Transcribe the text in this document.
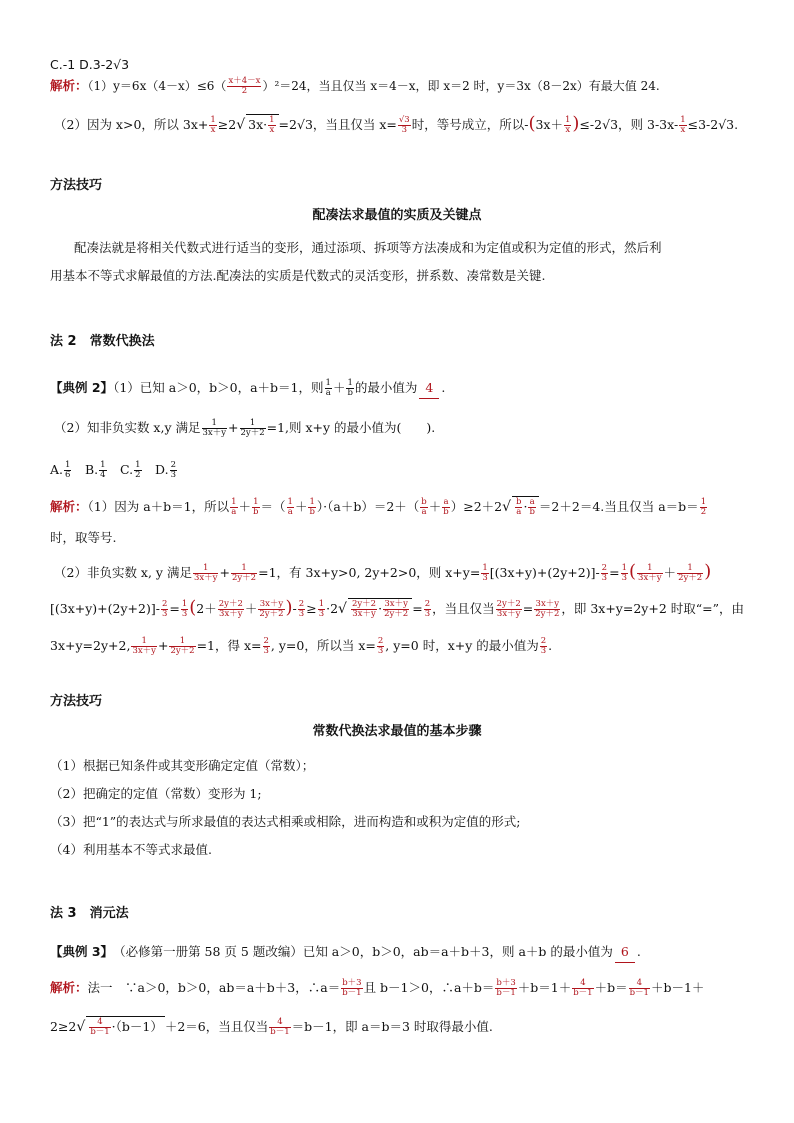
C.-1 D.3-2√3
解析：$(1)y=6x(4-x)\le 6( \frac{x+4-x}{2} )^2=24$，当且仅当 x＝4－x，即 x＝2 时，y＝3x（8－2x）有最大值 24.
（2）因为 x>0，所以 $3x+ \frac{1}{x} \ge 2√$ $3x\cdot \frac{1}{x} =2√3$，当且仅当 $x= \frac{√3}{3}$ 时，等号成立，所以$-(3x+ \frac{1}{x} )\le-2√3$，则 $3-3x- \frac{1}{x} \le 3-2√3$.
方法技巧
配凑法求最值的实质及关键点
配凑法就是将相关代数式进行适当的变形，通过添项、拆项等方法凑成和为定值或积为定值的形式，然后利
用基本不等式求解最值的方法.配凑法的实质是代数式的灵活变形，拼系数、凑常数是关键.
法 2　常数代换法
【典例 2】（1）已知 a＞0，b＞0，a＋b＝1，则 $\frac{1}{a} + \frac{1}{b}$ 的最小值为 4 .
（2）知非负实数 x,y 满足 $\frac{1}{3x+y} + \frac{1}{2y+2} =1$,则 x+y 的最小值为(　　).
A. $\frac{1}{6}$ 　B. $\frac{1}{4}$ 　C. $\frac{1}{2}$ 　D. $\frac{2}{3}$
解析：（1）因为 a＋b＝1，所以 $\frac{1}{a} + \frac{1}{b}$ ＝（ $\frac{1}{a} + \frac{1}{b} )\cdot(a+b)=2+( \frac{b}{a} + \frac{a}{b} )\ge 2+2√ \frac{b}{a} \cdot \frac{a}{b} =2+2=4$.当且仅当 $a=b= \frac{1}{2}$
时，取等号.
（2）非负实数 x, y 满足 $\frac{1}{3x+y} + \frac{1}{2y+2} =1$，有 3x+y>0, 2y+2>0，则 $x+y= \frac{1}{3} [(3x+y)+(2y+2)]- \frac{2}{3} = \frac{1}{3}$ ( $\frac{1}{3x+y} + \frac{1}{2y+2}$ )
$[(3x+y)+(2y+2)]- \frac{2}{3} = \frac{1}{3} (2+ \frac{2y+2}{3x+y} + \frac{3x+y}{2y+2}$ )- $\frac{2}{3} \ge \frac{1}{3} \cdot 2√ \frac{2y+2}{3x+y} \cdot \frac{3x+y}{2y+2} = \frac{2}{3}$ ，当且仅当 $\frac{2y+2}{3x+y} = \frac{3x+y}{2y+2}$ ，即 3x+y=2y+2 时取“=”，由
3x+y=2y+2, $\frac{1}{3x+y} + \frac{1}{2y+2} =1$，得 $x= \frac{2}{3}$ , y=0，所以当 $x= \frac{2}{3}$ , y=0 时，x+y 的最小值为 $\frac{2}{3}$ .
方法技巧
常数代换法求最值的基本步骤
（1）根据已知条件或其变形确定定值（常数）；
（2）把确定的定值（常数）变形为 1;
（3）把“1”的表达式与所求最值的表达式相乘或相除，进而构造和或积为定值的形式;
（4）利用基本不等式求最值.
法 3　消元法
【典例 3】　（必修第一册第 58 页 5 题改编）已知 a＞0，b＞0，ab＝a＋b＋3，则 a＋b 的最小值为 6 .
解析：法一　∵a＞0，b＞0，ab＝a＋b＋3，∴a＝ $\frac{b+3}{b-1}$ 且 b－1＞0，∴a＋b＝ $\frac{b+3}{b-1} +b=1+ \frac{4}{b-1} +b= \frac{4}{b-1} +b-1+$
$2\ge 2√ \frac{4}{b-1} \cdot(b-1) +2=6$，当且仅当 $\frac{4}{b-1} =b-1$，即 a＝b＝3 时取得最小值.
